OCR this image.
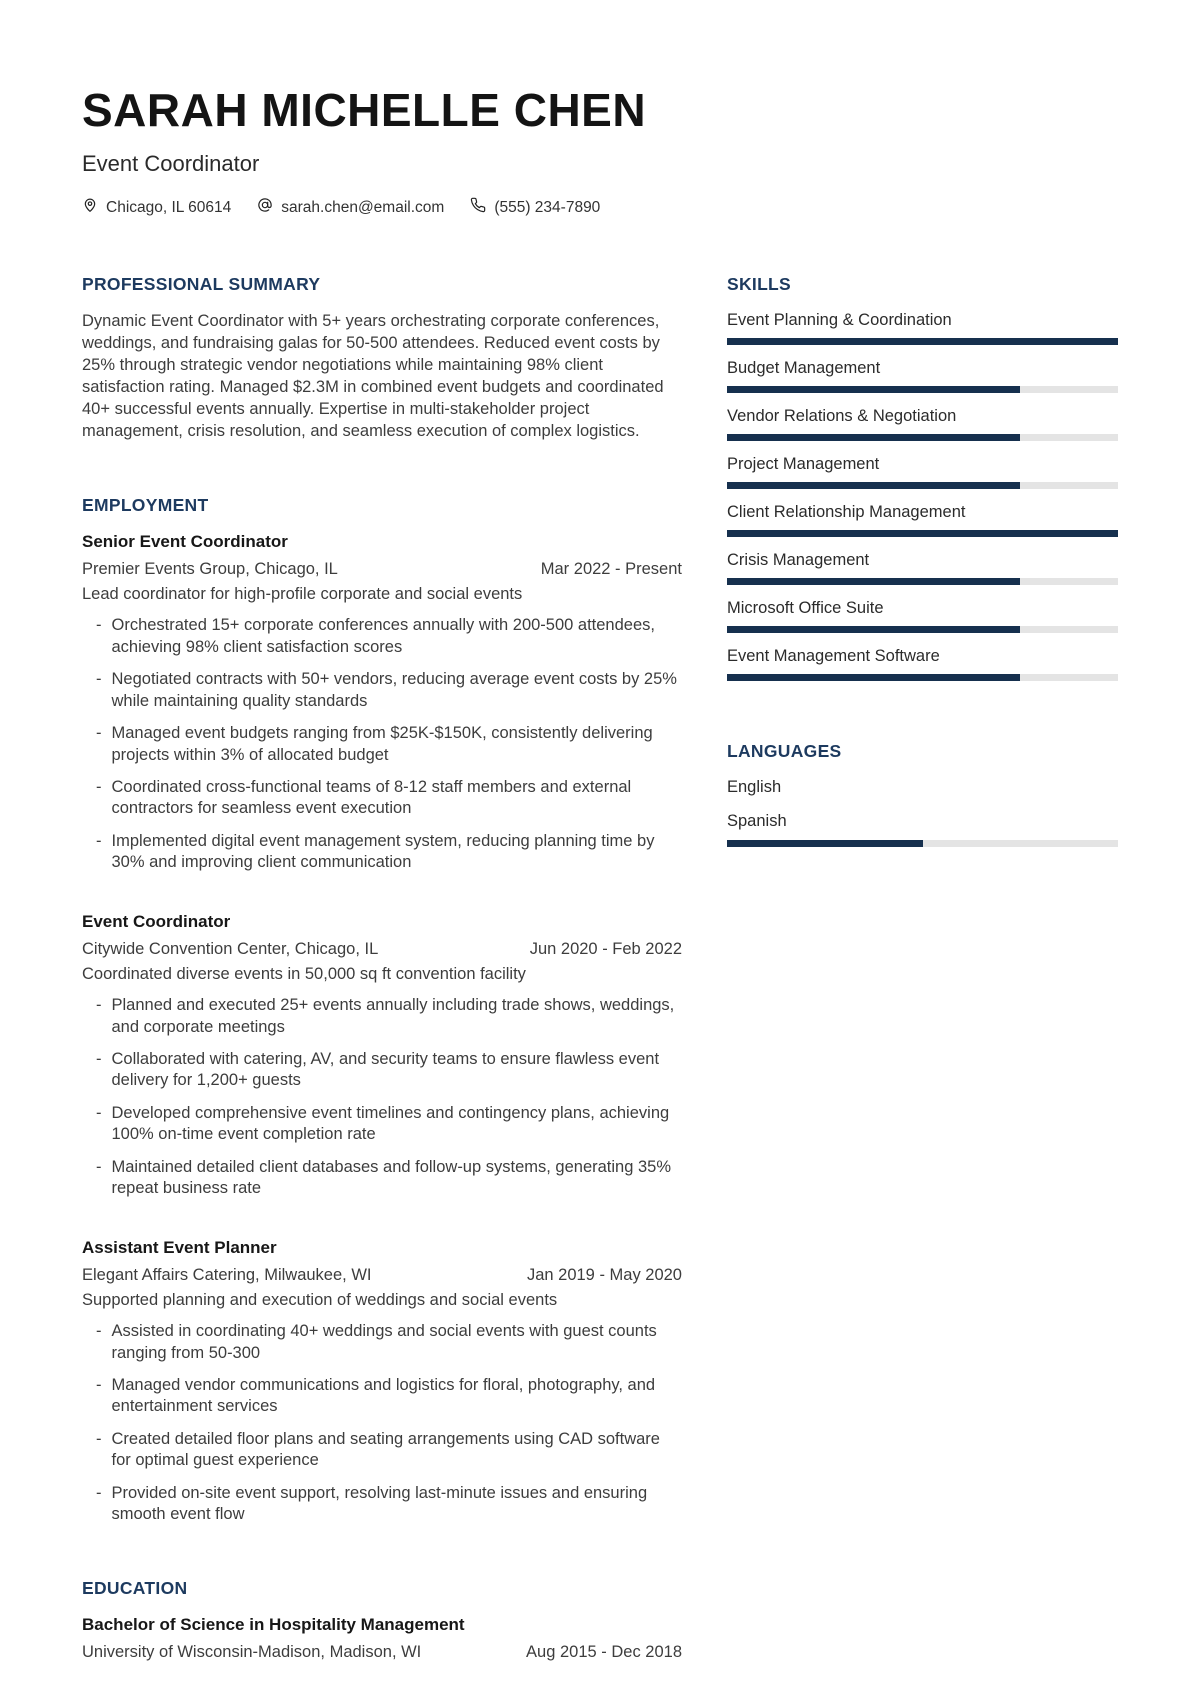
SARAH MICHELLE CHEN
Event Coordinator
Chicago, IL 60614	sarah.chen@email.com	(555) 234-7890
PROFESSIONAL SUMMARY

Dynamic Event Coordinator with 5+ years orchestrating corporate conferences, weddings, and fundraising galas for 50-500 attendees. Reduced event costs by 25% through strategic vendor negotiations while maintaining 98% client satisfaction rating. Managed $2.3M in combined event budgets and coordinated 40+ successful events annually. Expertise in multi-stakeholder project management, crisis resolution, and seamless execution of complex logistics.

EMPLOYMENT
Senior Event Coordinator
Premier Events Group, Chicago, IL	Mar 2022 - Present
Lead coordinator for high-profile corporate and social events
- Orchestrated 15+ corporate conferences annually with 200-500 attendees, achieving 98% client satisfaction scores
- Negotiated contracts with 50+ vendors, reducing average event costs by 25% while maintaining quality standards
- Managed event budgets ranging from $25K-$150K, consistently delivering projects within 3% of allocated budget
- Coordinated cross-functional teams of 8-12 staff members and external contractors for seamless event execution
- Implemented digital event management system, reducing planning time by 30% and improving client communication
Event Coordinator
Citywide Convention Center, Chicago, IL	Jun 2020 - Feb 2022
Coordinated diverse events in 50,000 sq ft convention facility
- Planned and executed 25+ events annually including trade shows, weddings, and corporate meetings
- Collaborated with catering, AV, and security teams to ensure flawless event delivery for 1,200+ guests
- Developed comprehensive event timelines and contingency plans, achieving 100% on-time event completion rate
- Maintained detailed client databases and follow-up systems, generating 35% repeat business rate
Assistant Event Planner
Elegant Affairs Catering, Milwaukee, WI	Jan 2019 - May 2020
Supported planning and execution of weddings and social events
- Assisted in coordinating 40+ weddings and social events with guest counts ranging from 50-300
- Managed vendor communications and logistics for floral, photography, and entertainment services
- Created detailed floor plans and seating arrangements using CAD software for optimal guest experience
- Provided on-site event support, resolving last-minute issues and ensuring smooth event flow
EDUCATION
Bachelor of Science in Hospitality Management
University of Wisconsin-Madison, Madison, WI	Aug 2015 - Dec 2018
SKILLS
Event Planning & Coordination
Budget Management
Vendor Relations & Negotiation
Project Management
Client Relationship Management
Crisis Management
Microsoft Office Suite
Event Management Software
LANGUAGES
English
Spanish
